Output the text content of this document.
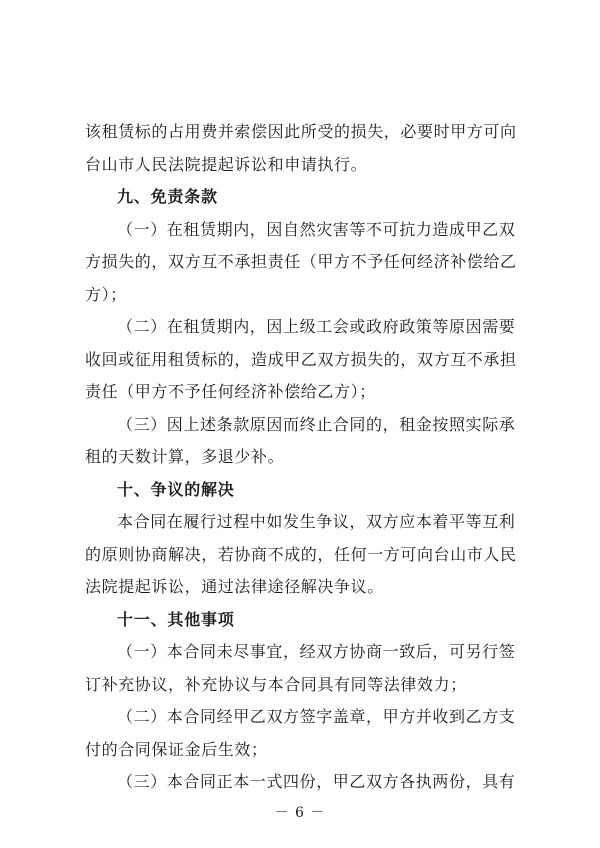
－ 6 －
该租赁标的占用费并索偿因此所受的损失，必要时甲方可向
台山市人民法院提起诉讼和申请执行。
九、免责条款
（一）在租赁期内，因自然灾害等不可抗力造成甲乙双
方损失的，双方互不承担责任（甲方不予任何经济补偿给乙
方）；
（二）在租赁期内，因上级工会或政府政策等原因需要
收回或征用租赁标的，造成甲乙双方损失的，双方互不承担
责任（甲方不予任何经济补偿给乙方）；
（三）因上述条款原因而终止合同的，租金按照实际承
租的天数计算，多退少补。
十、争议的解决
本合同在履行过程中如发生争议，双方应本着平等互利
的原则协商解决，若协商不成的，任何一方可向台山市人民
法院提起诉讼，通过法律途径解决争议。
十一、其他事项
（一）本合同未尽事宜，经双方协商一致后，可另行签
订补充协议，补充协议与本合同具有同等法律效力；
（二）本合同经甲乙双方签字盖章，甲方并收到乙方支
付的合同保证金后生效；
（三）本合同正本一式四份，甲乙双方各执两份，具有
